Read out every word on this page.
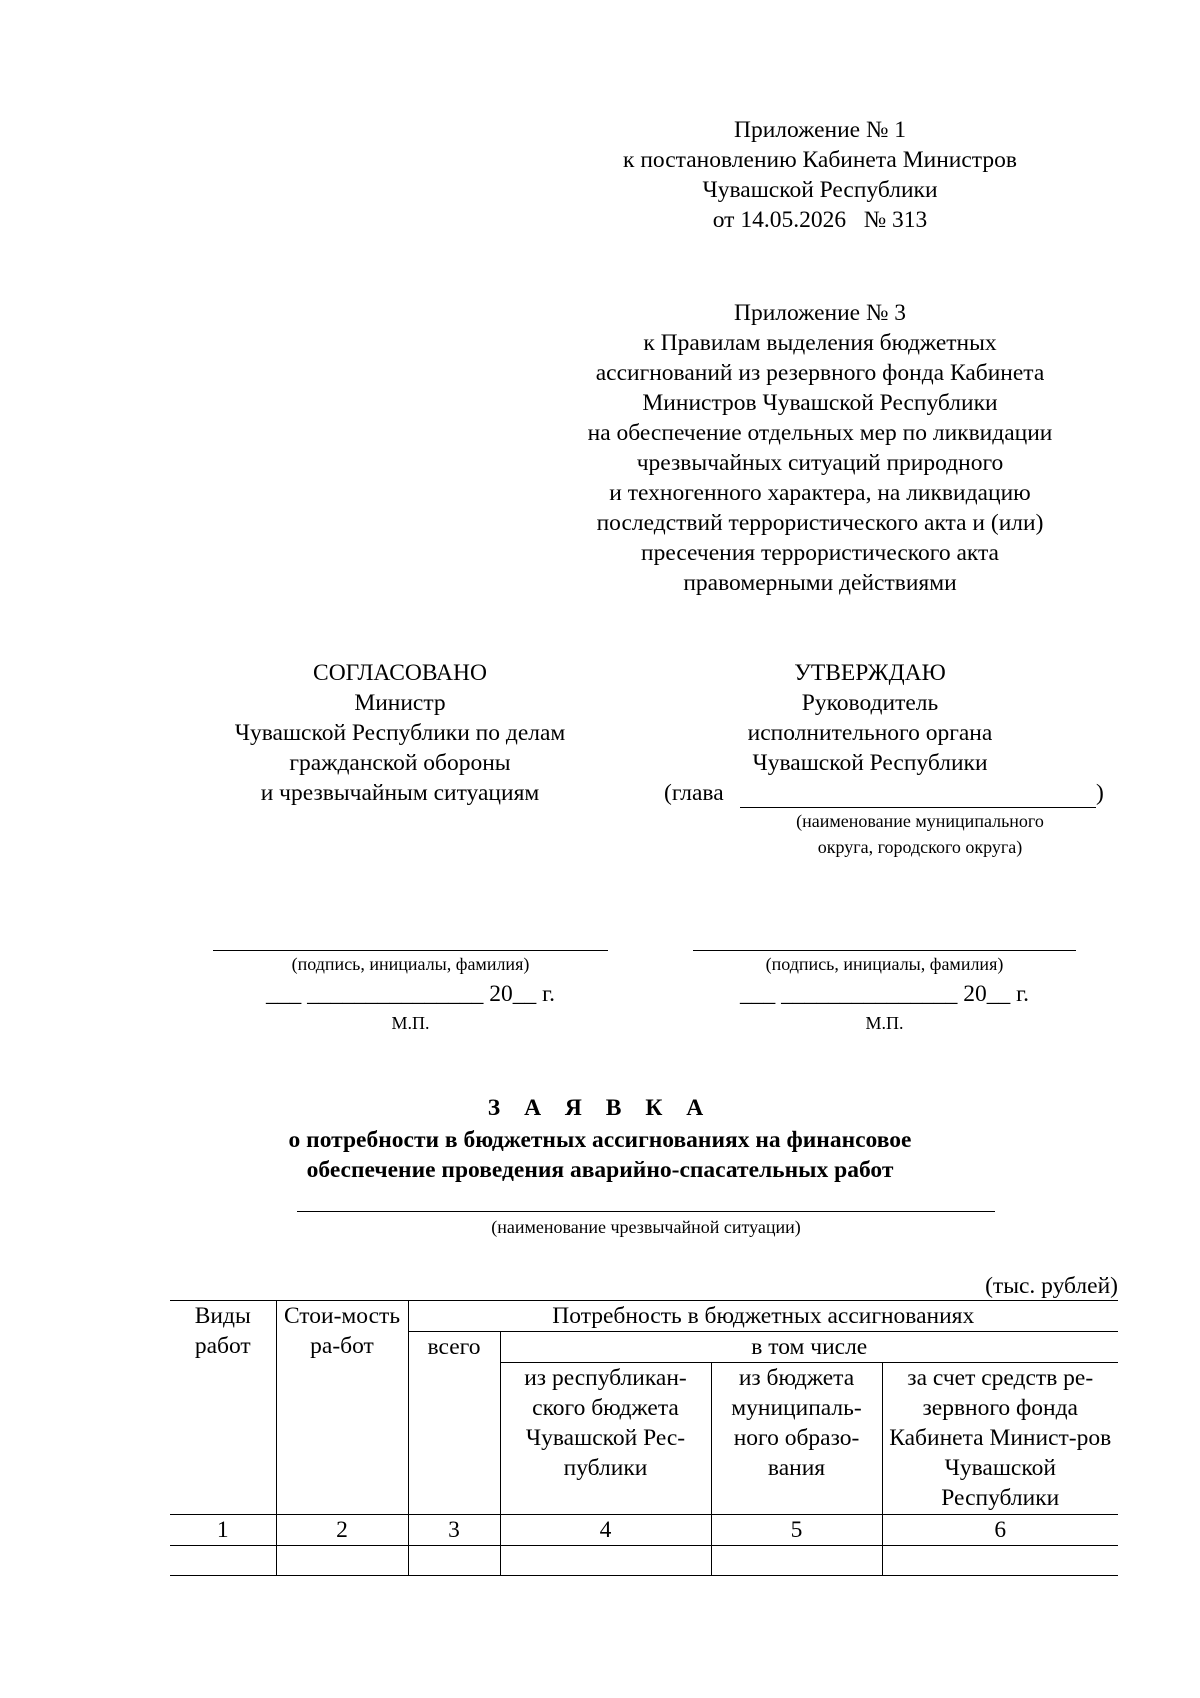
Приложение № 1
к постановлению Кабинета Министров
Чувашской Республики
от 14.05.2026   № 313
Приложение № 3
к Правилам выделения бюджетных
ассигнований из резервного фонда Кабинета
Министров Чувашской Республики
на обеспечение отдельных мер по ликвидации
чрезвычайных ситуаций природного
и техногенного характера, на ликвидацию
последствий террористического акта и (или)
пресечения террористического акта
правомерными действиями
СОГЛАСОВАНО
Министр
Чувашской Республики по делам
гражданской обороны
и чрезвычайным ситуациям
УТВЕРЖДАЮ
Руководитель
исполнительного органа
Чувашской Республики
(глава	)
(наименование муниципального
округа, городского округа)
(подпись, инициалы, фамилия)
___ _______________ 20__ г.
М.П.
(подпись, инициалы, фамилия)
___ _______________ 20__ г.
М.П.
З А Я В К А
о потребности в бюджетных ассигнованиях на финансовое
обеспечение проведения аварийно-спасательных работ
(наименование чрезвычайной ситуации)
(тыс. рублей)
Виды работ	Стои-мость ра-бот	Потребность в бюджетных ассигнованиях			
		всего	в том числе		
			из республикан-ского бюджета Чувашской Рес-публики	из бюджета муниципаль-ного образо-вания	за счет средств ре-зервного фонда Кабинета Минист-ров Чувашской Республики
1	2	3	4	5	6
